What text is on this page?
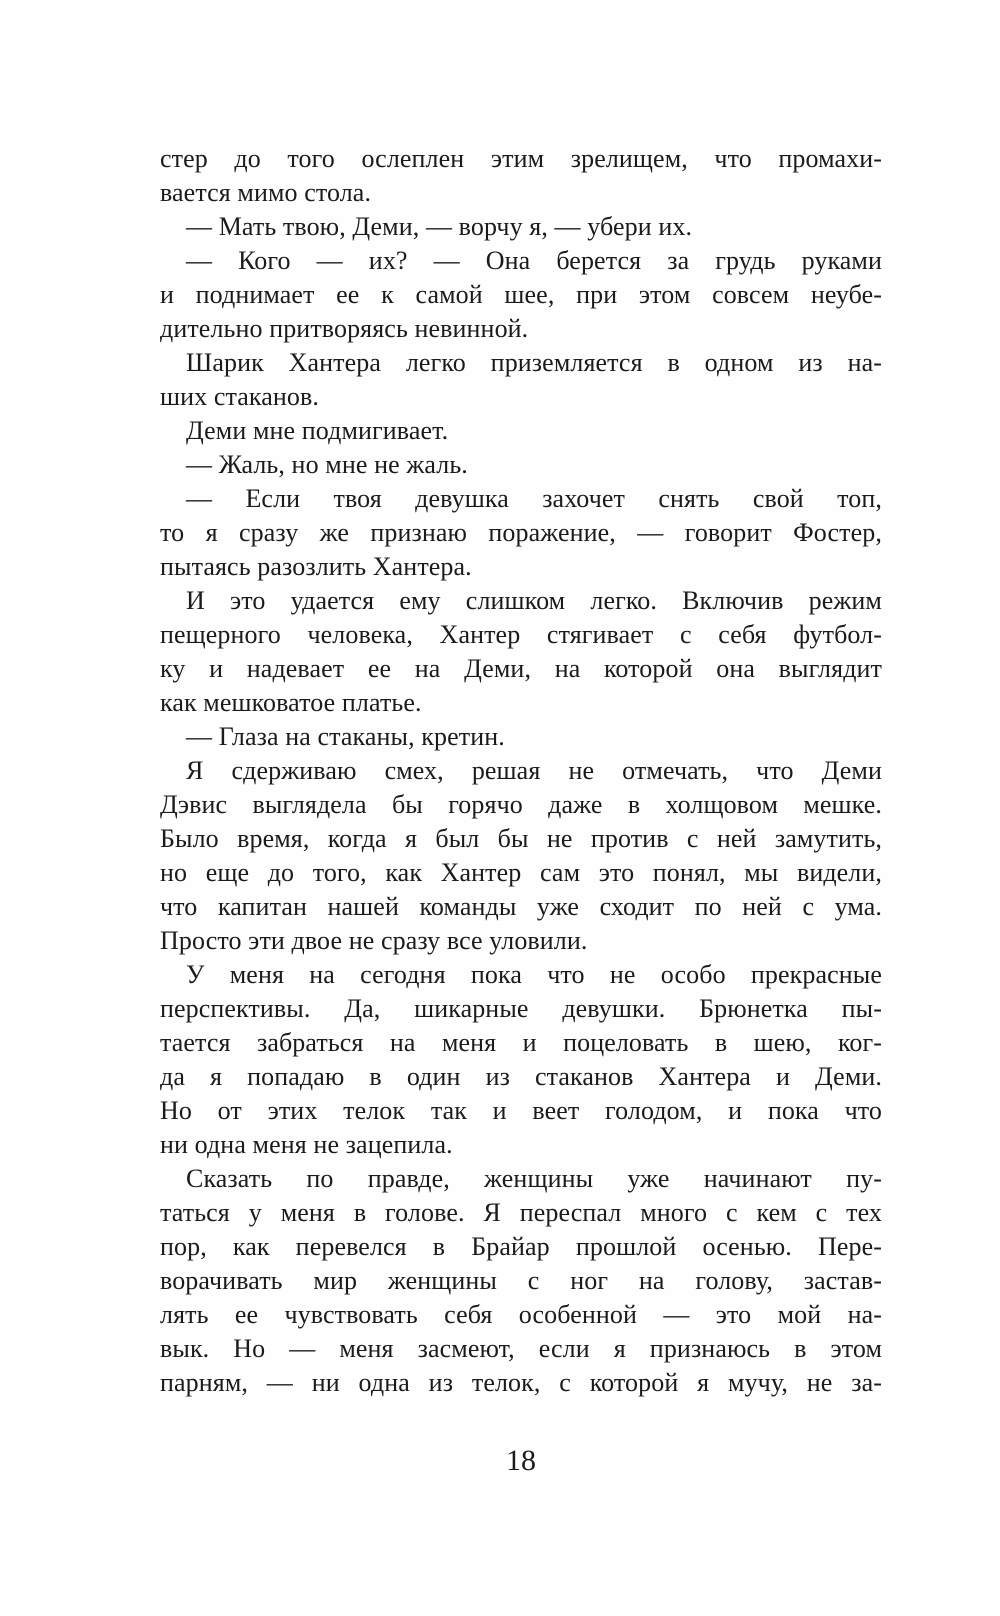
стер до того ослеплен этим зрелищем, что промахи-
вается мимо стола.
— Мать твою, Деми, — ворчу я, — убери их.
— Кого — их? — Она берется за грудь руками
и поднимает ее к самой шее, при этом совсем неубе-
дительно притворяясь невинной.
Шарик Хантера легко приземляется в одном из на-
ших стаканов.
Деми мне подмигивает.
— Жаль, но мне не жаль.
— Если твоя девушка захочет снять свой топ,
то я сразу же признаю поражение, — говорит Фостер,
пытаясь разозлить Хантера.
И это удается ему слишком легко. Включив режим
пещерного человека, Хантер стягивает с себя футбол-
ку и надевает ее на Деми, на которой она выглядит
как мешковатое платье.
— Глаза на стаканы, кретин.
Я сдерживаю смех, решая не отмечать, что Деми
Дэвис выглядела бы горячо даже в холщовом мешке.
Было время, когда я был бы не против с ней замутить,
но еще до того, как Хантер сам это понял, мы видели,
что капитан нашей команды уже сходит по ней с ума.
Просто эти двое не сразу все уловили.
У меня на сегодня пока что не особо прекрасные
перспективы. Да, шикарные девушки. Брюнетка пы-
тается забраться на меня и поцеловать в шею, ког-
да я попадаю в один из стаканов Хантера и Деми.
Но от этих телок так и веет голодом, и пока что
ни одна меня не зацепила.
Сказать по правде, женщины уже начинают пу-
таться у меня в голове. Я переспал много с кем с тех
пор, как перевелся в Брайар прошлой осенью. Пере-
ворачивать мир женщины с ног на голову, застав-
лять ее чувствовать себя особенной — это мой на-
вык. Но — меня засмеют, если я признаюсь в этом
парням, — ни одна из телок, с которой я мучу, не за-
18
